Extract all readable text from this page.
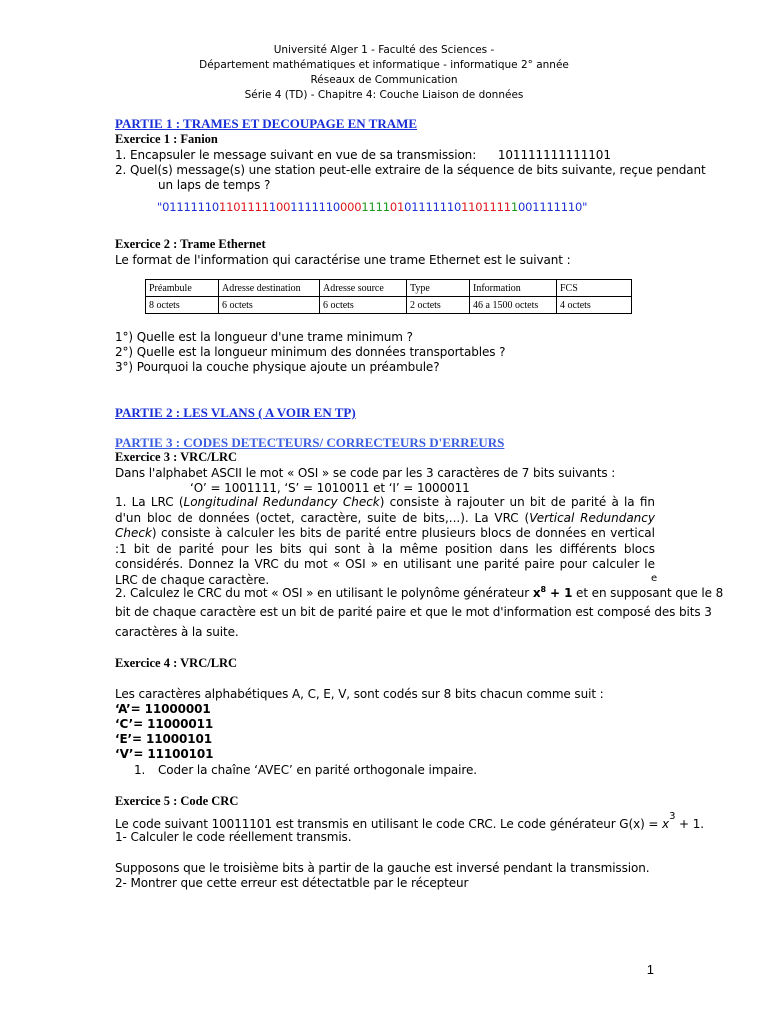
Université Alger 1 - Faculté des Sciences -
Département mathématiques et informatique - informatique 2° année
Réseaux de Communication
Série 4 (TD) - Chapitre 4: Couche Liaison de données
PARTIE 1 : TRAMES ET DECOUPAGE EN TRAME
Exercice 1 : Fanion
1. Encapsuler le message suivant en vue de sa transmission: 101111111111101
2. Quel(s) message(s) une station peut-elle extraire de la séquence de bits suivante, reçue pendant
un laps de temps ?
"01111110110111110011111100001111010111111011011111001111110"
Exercice 2 : Trame Ethernet
Le format de l'information qui caractérise une trame Ethernet est le suivant :
Préambule	Adresse destination	Adresse source	Type	Information	FCS
8 octets	6 octets	6 octets	2 octets	46 a 1500 octets	4 octets
1°) Quelle est la longueur d'une trame minimum ?
2°) Quelle est la longueur minimum des données transportables ?
3°) Pourquoi la couche physique ajoute un préambule?
PARTIE 2 : LES VLANS ( A VOIR EN TP)
PARTIE 3 : CODES DETECTEURS/ CORRECTEURS D'ERREURS
Exercice 3 : VRC/LRC
Dans l'alphabet ASCII le mot « OSI » se code par les 3 caractères de 7 bits suivants :
‘O’ = 1001111, ‘S’ = 1010011 et ‘I’ = 1000011
1. La LRC (Longitudinal Redundancy Check) consiste à rajouter un bit de parité à la fin d'un bloc de données (octet, caractère, suite de bits,...). La VRC (Vertical Redundancy Check) consiste à calculer les bits de parité entre plusieurs blocs de données en vertical :1 bit de parité pour les bits qui sont à la même position dans les différents blocs considérés. Donnez la VRC du mot « OSI » en utilisant une parité paire pour calculer le LRC de chaque caractère.
2. Calculez le CRC du mot « OSI » en utilisant le polynôme générateur $x^8 + 1$ et en supposant que le 8
e
bit de chaque caractère est un bit de parité paire et que le mot d'information est composé des bits 3
caractères à la suite.
Exercice 4 : VRC/LRC
Les caractères alphabétiques A, C, E, V, sont codés sur 8 bits chacun comme suit :
‘A’= 11000001
‘C’= 11000011
‘E’= 11000101
‘V’= 11100101
1. Coder la chaîne ‘AVEC’ en parité orthogonale impaire.
Exercice 5 : Code CRC
Le code suivant 10011101 est transmis en utilisant le code CRC. Le code générateur $G(x) = x^3 + 1$.
1- Calculer le code réellement transmis.
Supposons que le troisième bits à partir de la gauche est inversé pendant la transmission.
2- Montrer que cette erreur est détectatble par le récepteur
1
